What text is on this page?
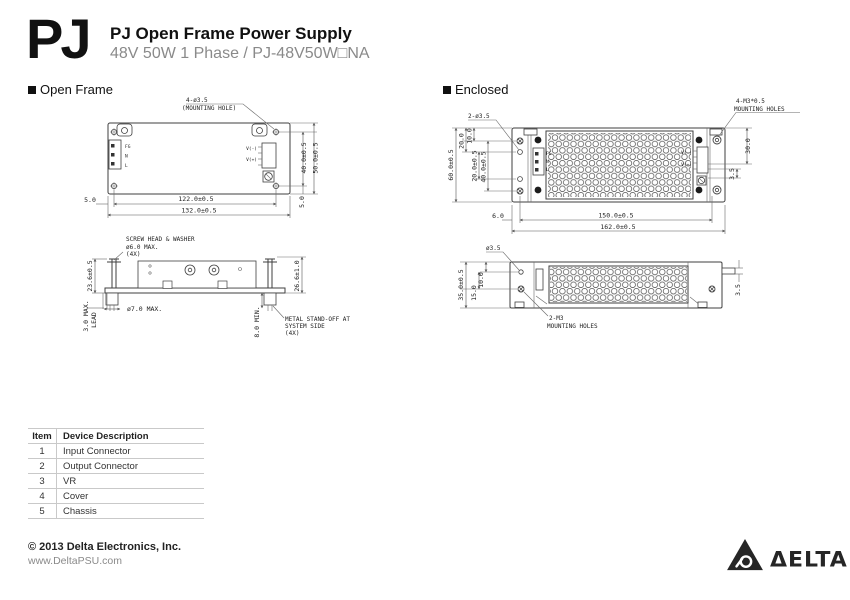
PJ PJ Open Frame Power Supply
48V 50W 1 Phase / PJ-48V50W□NA
Open Frame	Enclosed
FG
N
L
V(-)
V(+)
4-ø3.5
(MOUNTING HOLE)
40.0±0.5 50.0±0.5
5.0
122.0±0.5
132.0±0.5
5.0
SCREW HEAD & WASHER
ø6.0 MAX.
(4X)
23.6±0.5	26.6±1.0
3.0 MAX. LEAD
ø7.0 MAX.	8.0 MIN.	METAL STAND-OFF AT
SYSTEM SIDE
(4X)
FG
N
L
V(-)
V(+)
2-ø3.5
4-M3*0.5
MOUNTING HOLES
60.0±0.5
20.0 10.0
20.0±0.5 40.0±0.5
6.0	150.0±0.5
162.0±0.5
30.0
3.5
ø3.5
35.0±0.5 15.0
10.0
3.5
2-M3
MOUNTING HOLES
Item	Device Description
1	Input Connector
2	Output Connector
3	VR
4	Cover
5	Chassis
© 2013 Delta Electronics, Inc.
www.DeltaPSU.com	ΔELTA
